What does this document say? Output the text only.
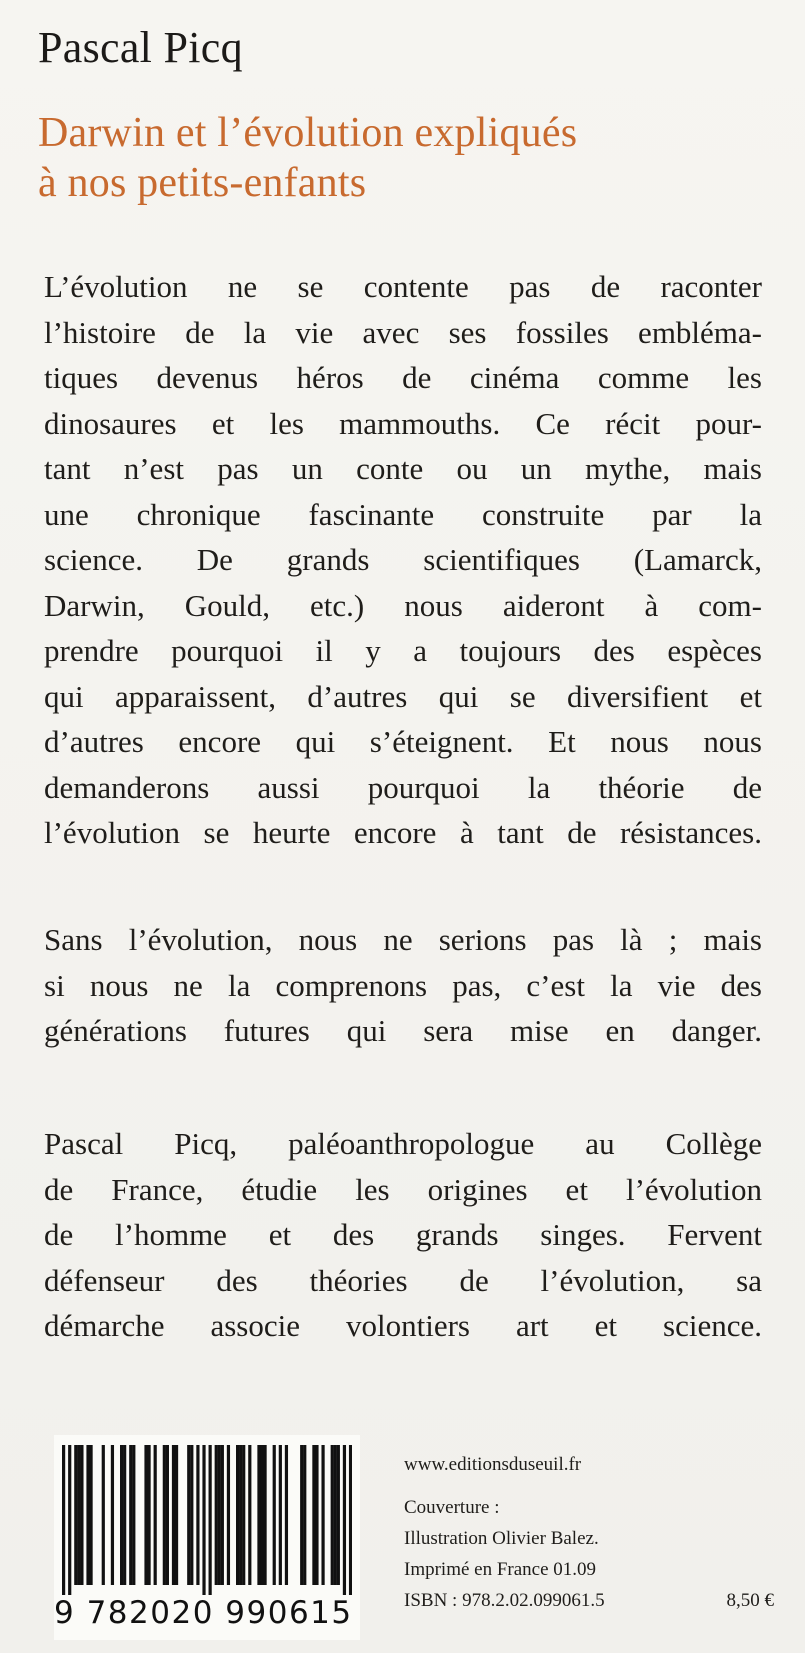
Pascal Picq
Darwin et l’évolution expliqués
à nos petits-enfants
L’évolution ne se contente pas de raconter
l’histoire de la vie avec ses fossiles embléma-
tiques devenus héros de cinéma comme les
dinosaures et les mammouths. Ce récit pour-
tant n’est pas un conte ou un mythe, mais
une chronique fascinante construite par la
science. De grands scientifiques (Lamarck,
Darwin, Gould, etc.) nous aideront à com-
prendre pourquoi il y a toujours des espèces
qui apparaissent, d’autres qui se diversifient et
d’autres encore qui s’éteignent. Et nous nous
demanderons aussi pourquoi la théorie de
l’évolution se heurte encore à tant de résistances.
Sans l’évolution, nous ne serions pas là ; mais
si nous ne la comprenons pas, c’est la vie des
générations futures qui sera mise en danger.
Pascal Picq, paléoanthropologue au Collège
de France, étudie les origines et l’évolution
de l’homme et des grands singes. Fervent
défenseur des théories de l’évolution, sa
démarche associe volontiers art et science.
9 782020 990615
www.editionsduseuil.fr
Couverture :
Illustration Olivier Balez.
Imprimé en France 01.09
ISBN : 978.2.02.099061.5	8,50 €
